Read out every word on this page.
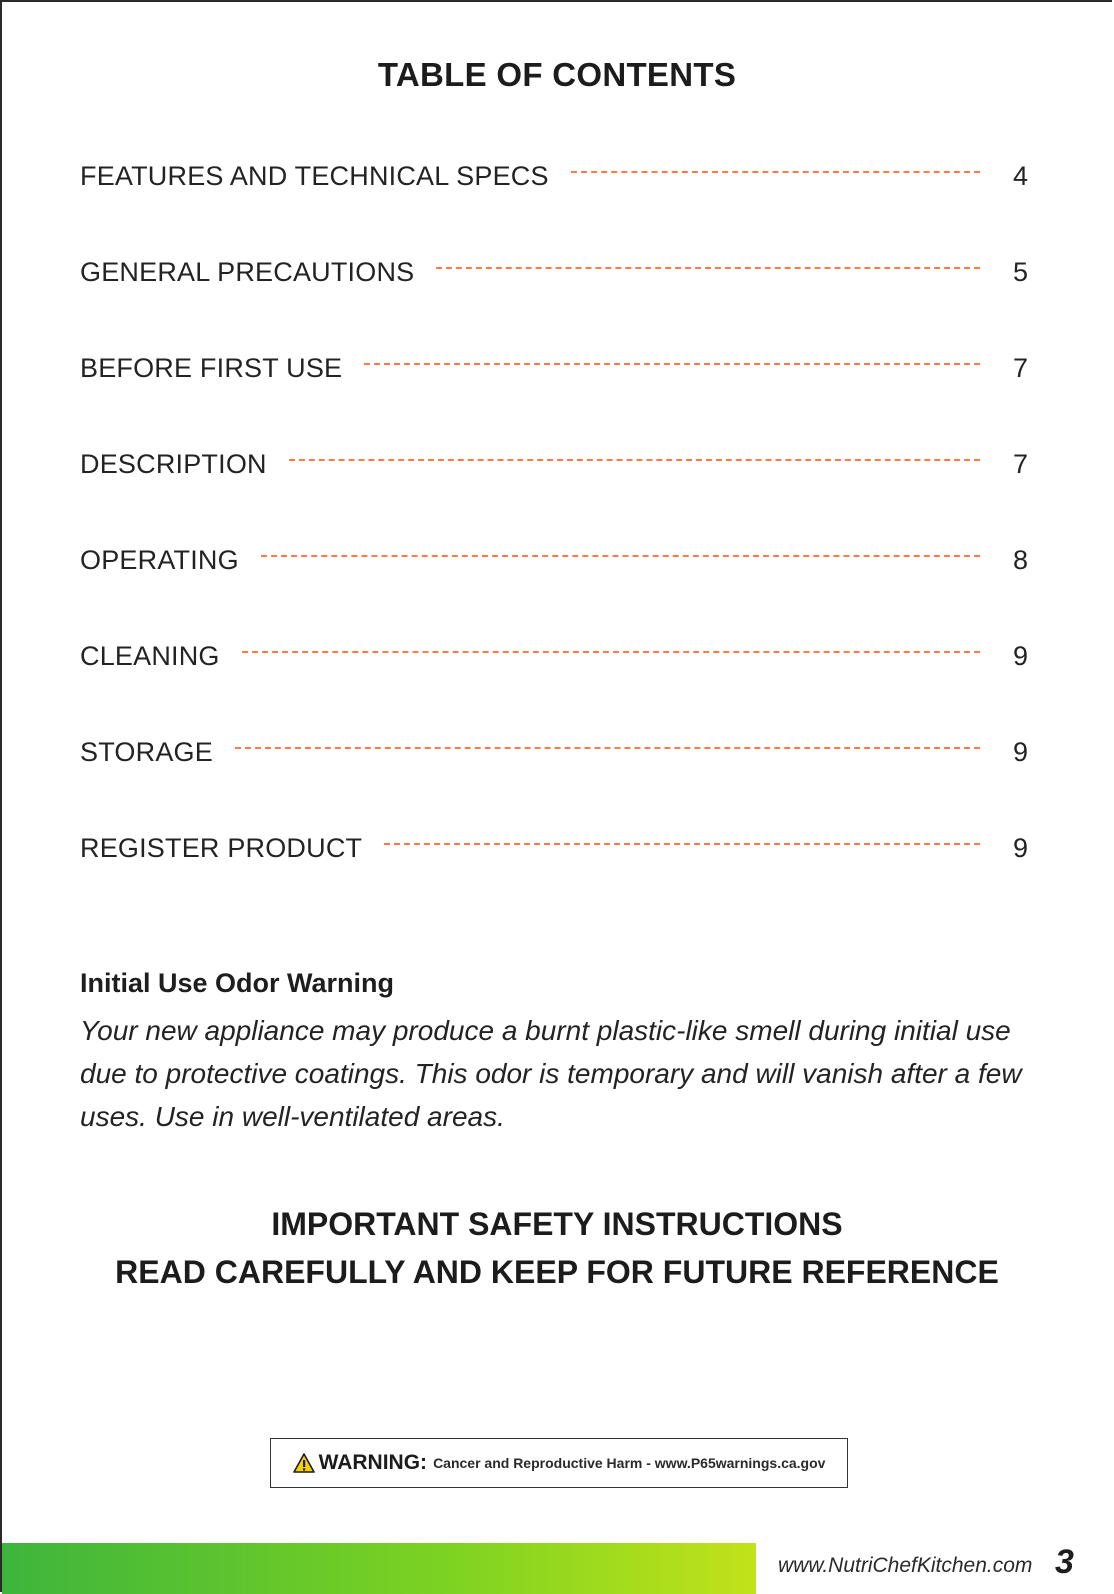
TABLE OF CONTENTS
FEATURES AND TECHNICAL SPECS	4
GENERAL PRECAUTIONS	5
BEFORE FIRST USE	7
DESCRIPTION	7
OPERATING	8
CLEANING	9
STORAGE	9
REGISTER PRODUCT	9
Initial Use Odor Warning
Your new appliance may produce a burnt plastic-like smell during initial use due to protective coatings. This odor is temporary and will vanish after a few uses. Use in well-ventilated areas.
IMPORTANT SAFETY INSTRUCTIONS
READ CAREFULLY AND KEEP FOR FUTURE REFERENCE
WARNING: Cancer and Reproductive Harm - www.P65warnings.ca.gov
www.NutriChefKitchen.com 3
